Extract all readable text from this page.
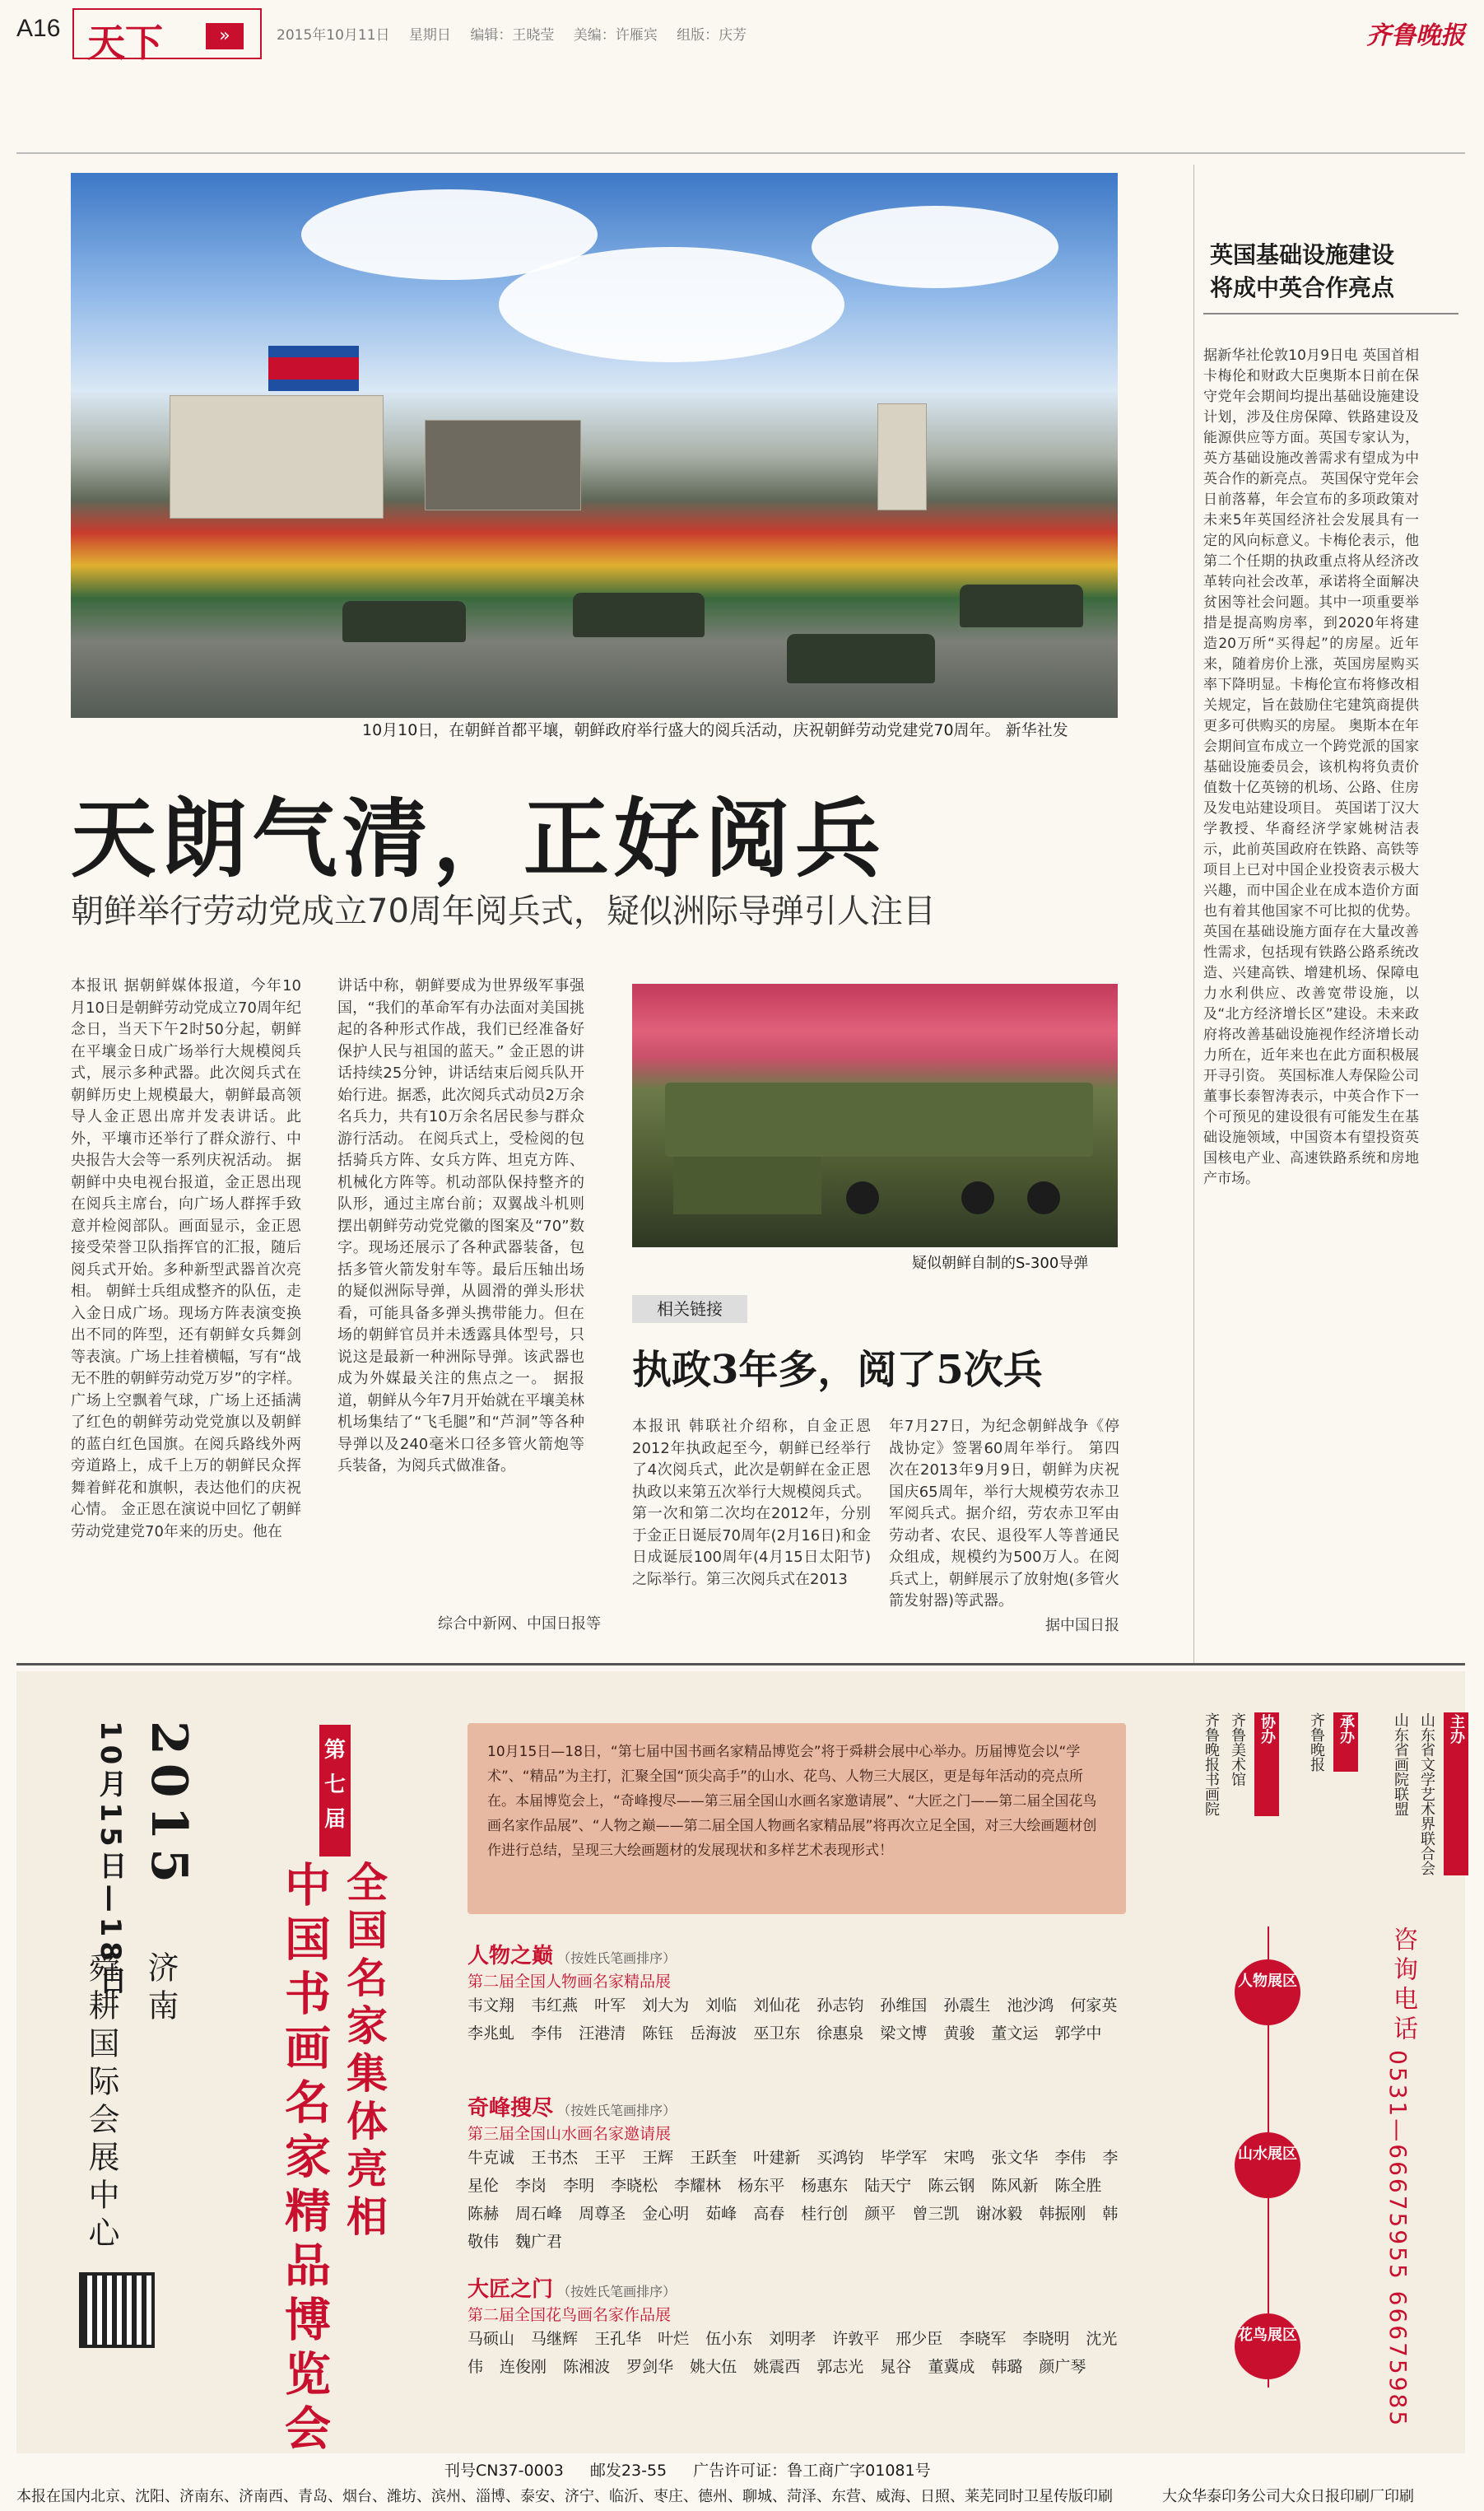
A16 天下	»	2015年10月11日 星期日 编辑：王晓莹 美编：许雁宾 组版：庆芳	齐鲁晚报
10月10日，在朝鲜首都平壤，朝鲜政府举行盛大的阅兵活动，庆祝朝鲜劳动党建党70周年。 新华社发
天朗气清，正好阅兵
朝鲜举行劳动党成立70周年阅兵式，疑似洲际导弹引人注目
本报讯 据朝鲜媒体报道，今年10月10日是朝鲜劳动党成立70周年纪念日，当天下午2时50分起，朝鲜在平壤金日成广场举行大规模阅兵式，展示多种武器。此次阅兵式在朝鲜历史上规模最大，朝鲜最高领导人金正恩出席并发表讲话。此外，平壤市还举行了群众游行、中央报告大会等一系列庆祝活动。 据朝鲜中央电视台报道，金正恩出现在阅兵主席台，向广场人群挥手致意并检阅部队。画面显示，金正恩接受荣誉卫队指挥官的汇报，随后阅兵式开始。多种新型武器首次亮相。 朝鲜士兵组成整齐的队伍，走入金日成广场。现场方阵表演变换出不同的阵型，还有朝鲜女兵舞剑等表演。广场上挂着横幅，写有“战无不胜的朝鲜劳动党万岁”的字样。广场上空飘着气球，广场上还插满了红色的朝鲜劳动党党旗以及朝鲜的蓝白红色国旗。在阅兵路线外两旁道路上，成千上万的朝鲜民众挥舞着鲜花和旗帜，表达他们的庆祝心情。 金正恩在演说中回忆了朝鲜劳动党建党70年来的历史。他在
讲话中称，朝鲜要成为世界级军事强国，“我们的革命军有办法面对美国挑起的各种形式作战，我们已经准备好保护人民与祖国的蓝天。” 金正恩的讲话持续25分钟，讲话结束后阅兵队开始行进。据悉，此次阅兵式动员2万余名兵力，共有10万余名居民参与群众游行活动。 在阅兵式上，受检阅的包括骑兵方阵、女兵方阵、坦克方阵、机械化方阵等。机动部队保持整齐的队形，通过主席台前；双翼战斗机则摆出朝鲜劳动党党徽的图案及“70”数字。现场还展示了各种武器装备，包括多管火箭发射车等。最后压轴出场的疑似洲际导弹，从圆滑的弹头形状看，可能具备多弹头携带能力。但在场的朝鲜官员并未透露具体型号，只说这是最新一种洲际导弹。该武器也成为外媒最关注的焦点之一。 据报道，朝鲜从今年7月开始就在平壤美林机场集结了“飞毛腿”和“芦洞”等各种导弹以及240毫米口径多管火箭炮等兵装备，为阅兵式做准备。
综合中新网、中国日报等
疑似朝鲜自制的S-300导弹
相关链接
执政3年多，阅了5次兵
本报讯 韩联社介绍称，自金正恩2012年执政起至今，朝鲜已经举行了4次阅兵式，此次是朝鲜在金正恩执政以来第五次举行大规模阅兵式。 第一次和第二次均在2012年，分别于金正日诞辰70周年(2月16日)和金日成诞辰100周年(4月15日太阳节)之际举行。第三次阅兵式在2013
年7月27日，为纪念朝鲜战争《停战协定》签署60周年举行。 第四次在2013年9月9日，朝鲜为庆祝国庆65周年，举行大规模劳农赤卫军阅兵式。据介绍，劳农赤卫军由劳动者、农民、退役军人等普通民众组成，规模约为500万人。在阅兵式上，朝鲜展示了放射炮(多管火箭发射器)等武器。
据中国日报
英国基础设施建设
将成中英合作亮点
据新华社伦敦10月9日电 英国首相卡梅伦和财政大臣奥斯本日前在保守党年会期间均提出基础设施建设计划，涉及住房保障、铁路建设及能源供应等方面。英国专家认为，英方基础设施改善需求有望成为中英合作的新亮点。 英国保守党年会日前落幕，年会宣布的多项政策对未来5年英国经济社会发展具有一定的风向标意义。卡梅伦表示，他第二个任期的执政重点将从经济改革转向社会改革，承诺将全面解决贫困等社会问题。其中一项重要举措是提高购房率，到2020年将建造20万所“买得起”的房屋。近年来，随着房价上涨，英国房屋购买率下降明显。卡梅伦宣布将修改相关规定，旨在鼓励住宅建筑商提供更多可供购买的房屋。 奥斯本在年会期间宣布成立一个跨党派的国家基础设施委员会，该机构将负责价值数十亿英镑的机场、公路、住房及发电站建设项目。 英国诺丁汉大学教授、华裔经济学家姚树洁表示，此前英国政府在铁路、高铁等项目上已对中国企业投资表示极大兴趣，而中国企业在成本造价方面也有着其他国家不可比拟的优势。 英国在基础设施方面存在大量改善性需求，包括现有铁路公路系统改造、兴建高铁、增建机场、保障电力水利供应、改善宽带设施，以及“北方经济增长区”建设。未来政府将改善基础设施视作经济增长动力所在，近年来也在此方面积极展开寻引资。 英国标准人寿保险公司董事长泰智涛表示，中英合作下一个可预见的建设很有可能发生在基础设施领域，中国资本有望投资英国核电产业、高速铁路系统和房地产市场。
2015
10月15日—18日 济南
舜耕国际会展中心
第七届
全国名家集体亮相
中国书画名家精品博览会
10月15日—18日，“第七届中国书画名家精品博览会”将于舜耕会展中心举办。历届博览会以“学术”、“精品”为主打，汇聚全国“顶尖高手”的山水、花鸟、人物三大展区，更是每年活动的亮点所在。本届博览会上，“奇峰搜尽——第三届全国山水画名家邀请展”、“大匠之门——第二届全国花鸟画名家作品展”、“人物之巅——第二届全国人物画名家精品展”将再次立足全国，对三大绘画题材创作进行总结，呈现三大绘画题材的发展现状和多样艺术表现形式！
人物之巅 （按姓氏笔画排序）
第二届全国人物画名家精品展
韦文翔 韦红燕 叶军 刘大为 刘临 刘仙花 孙志钧 孙维国 孙震生 池沙鸿 何家英 李兆虬 李伟 汪港清 陈钰 岳海波 巫卫东 徐惠泉 梁文博 黄骏 董文运 郭学中
奇峰搜尽 （按姓氏笔画排序）
第三届全国山水画名家邀请展
牛克诚 王书杰 王平 王辉 王跃奎 叶建新 买鸿钧 毕学军 宋鸣 张文华 李伟 李星伦 李岗 李明 李晓松 李耀林 杨东平 杨惠东 陆天宁 陈云钢 陈风新 陈全胜 陈赫 周石峰 周尊圣 金心明 茹峰 高春 桂行创 颜平 曾三凯 谢冰毅 韩振刚 韩敬伟 魏广君
大匠之门 （按姓氏笔画排序）
第二届全国花鸟画名家作品展
马硕山 马继辉 王孔华 叶烂 伍小东 刘明孝 许敦平 邢少臣 李晓军 李晓明 沈光伟 连俊刚 陈湘波 罗剑华 姚大伍 姚震西 郭志光 晁谷 董冀成 韩璐 颜广琴
主办
山东省文学艺术界联合会
山东省画院联盟
承办
齐鲁晚报
协办
齐鲁美术馆
齐鲁晚报书画院
人物展区
山水展区
花鸟展区
咨询电话
0531—66675955 66675985
刊号CN37-0003 邮发23-55 广告许可证：鲁工商广字01081号
本报在国内北京、沈阳、济南东、济南西、青岛、烟台、潍坊、滨州、淄博、泰安、济宁、临沂、枣庄、德州、聊城、菏泽、东营、威海、日照、莱芜同时卫星传版印刷	大众华泰印务公司大众日报印刷厂印刷
